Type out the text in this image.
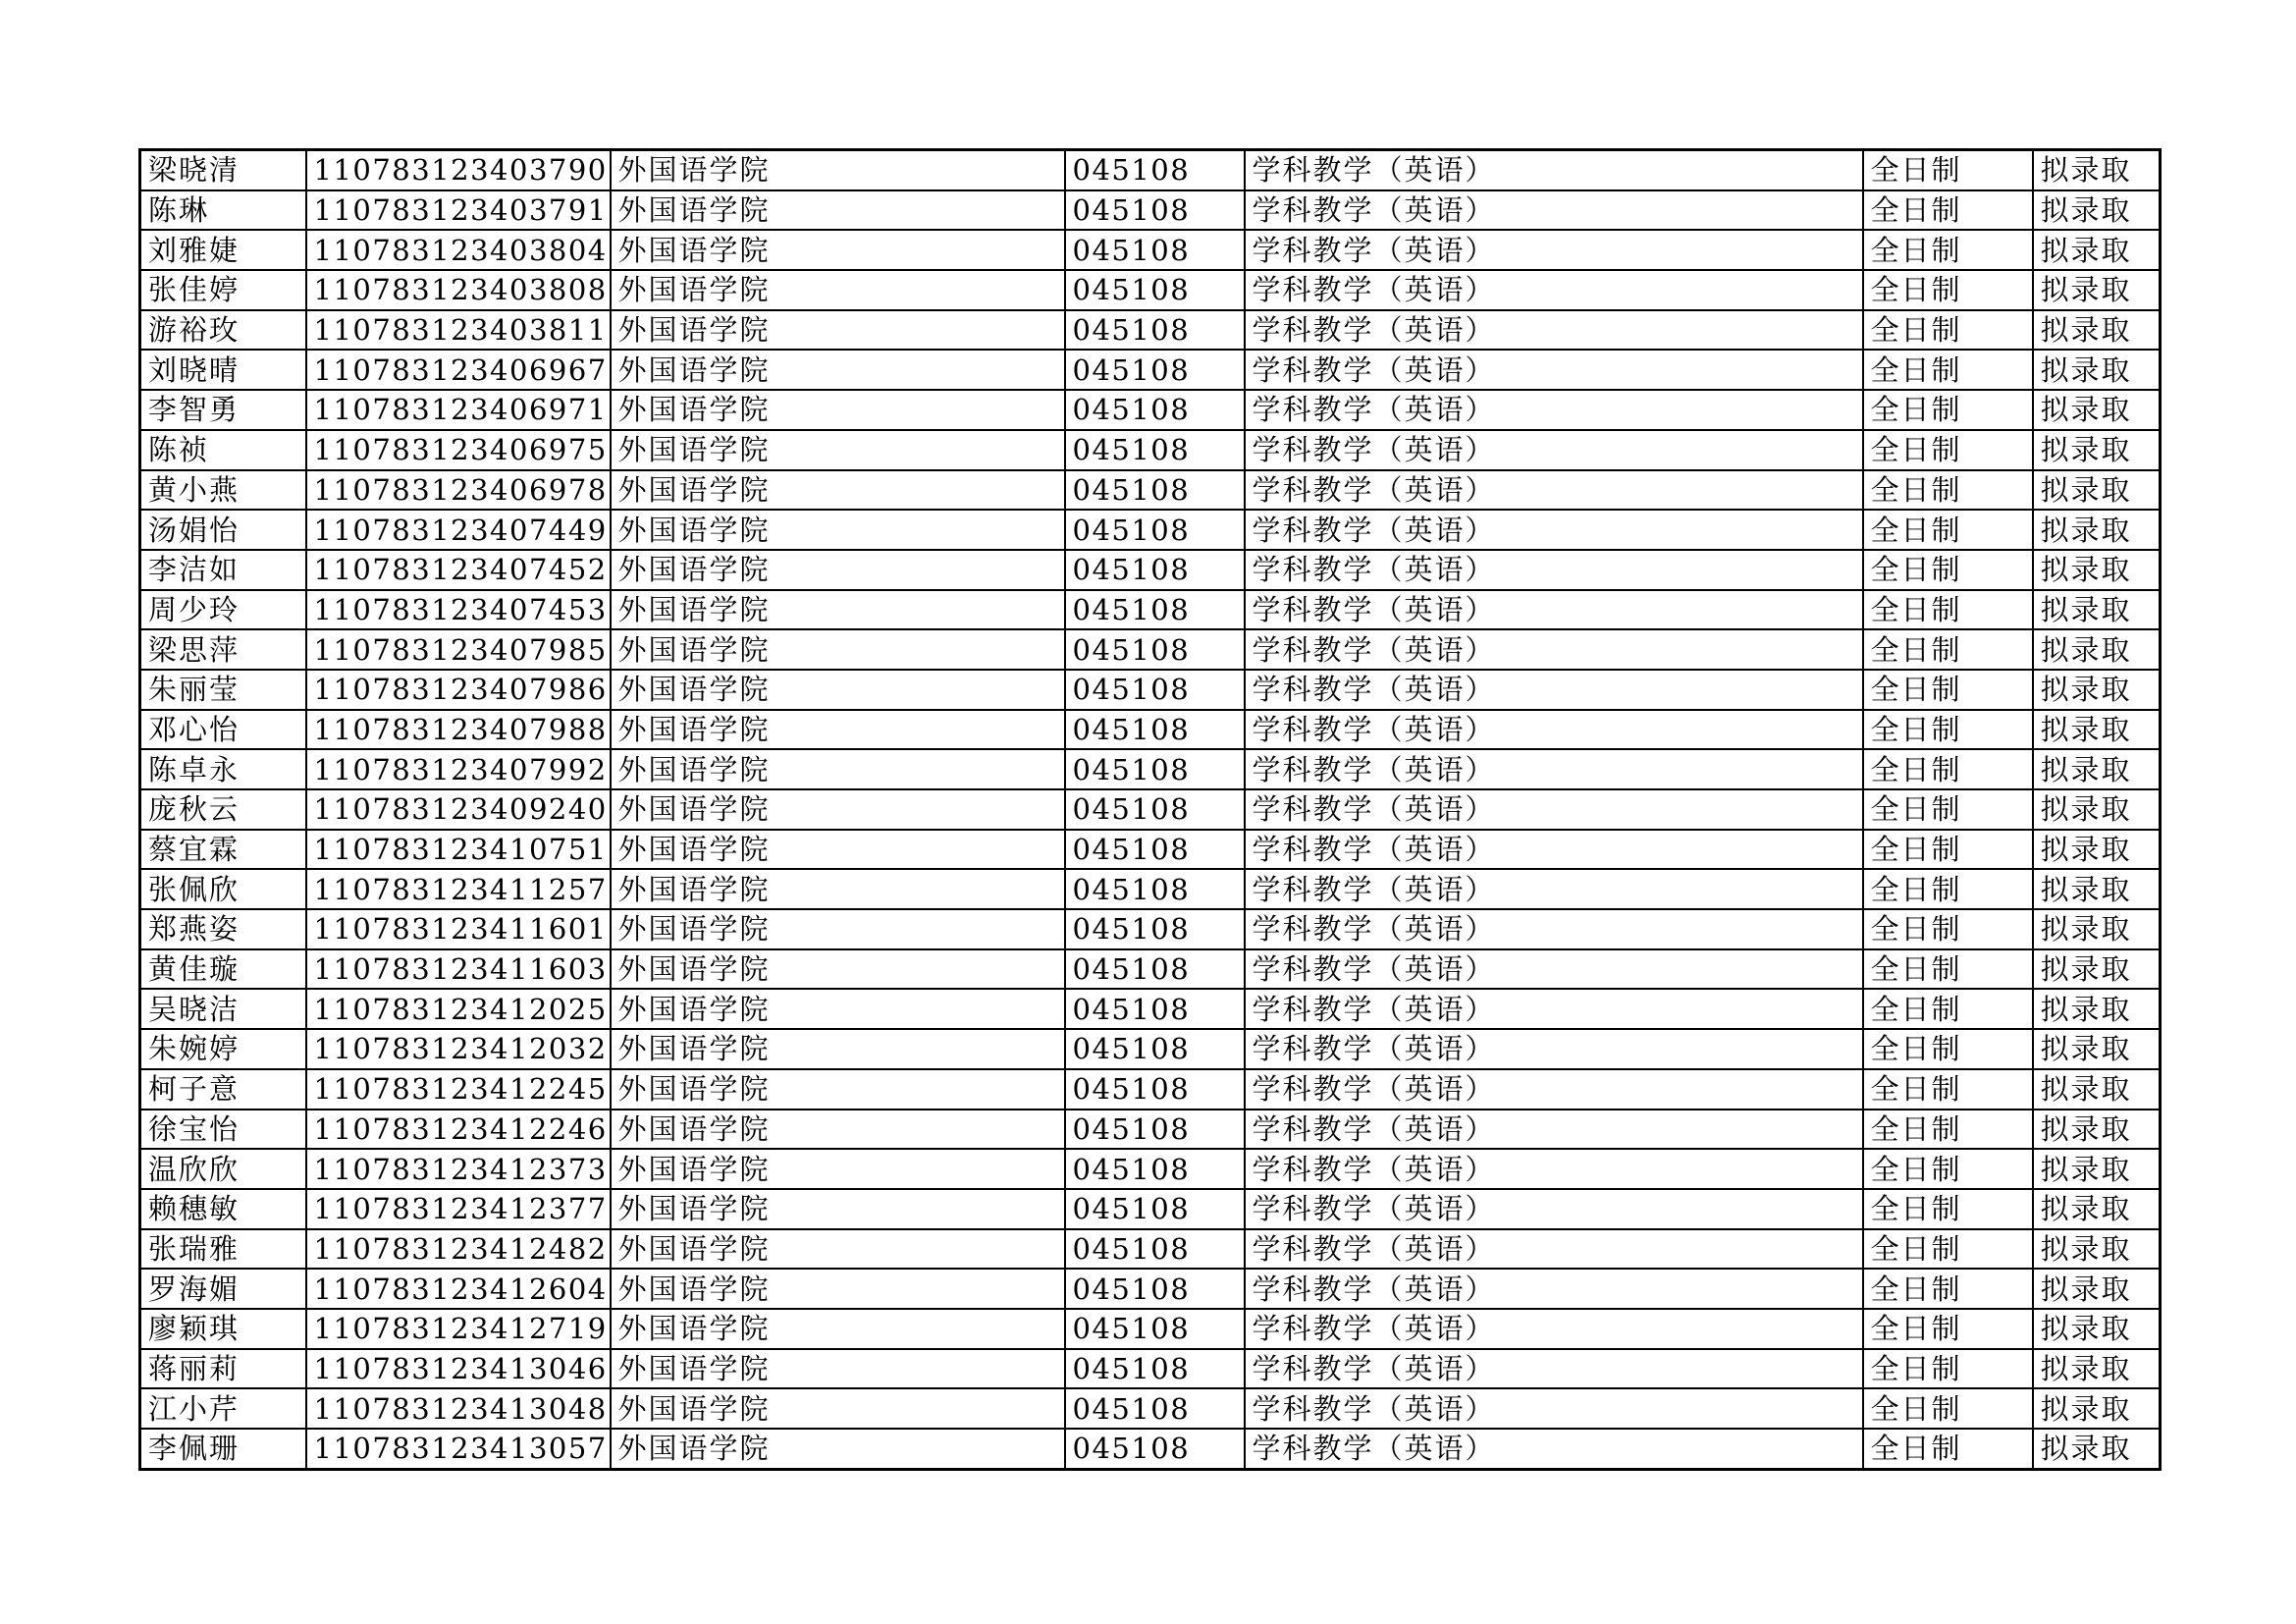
梁晓清	110783123403790	外国语学院	045108	学科教学（英语）	全日制	拟录取
陈琳	110783123403791	外国语学院	045108	学科教学（英语）	全日制	拟录取
刘雅婕	110783123403804	外国语学院	045108	学科教学（英语）	全日制	拟录取
张佳婷	110783123403808	外国语学院	045108	学科教学（英语）	全日制	拟录取
游裕玫	110783123403811	外国语学院	045108	学科教学（英语）	全日制	拟录取
刘晓晴	110783123406967	外国语学院	045108	学科教学（英语）	全日制	拟录取
李智勇	110783123406971	外国语学院	045108	学科教学（英语）	全日制	拟录取
陈祯	110783123406975	外国语学院	045108	学科教学（英语）	全日制	拟录取
黄小燕	110783123406978	外国语学院	045108	学科教学（英语）	全日制	拟录取
汤娟怡	110783123407449	外国语学院	045108	学科教学（英语）	全日制	拟录取
李洁如	110783123407452	外国语学院	045108	学科教学（英语）	全日制	拟录取
周少玲	110783123407453	外国语学院	045108	学科教学（英语）	全日制	拟录取
梁思萍	110783123407985	外国语学院	045108	学科教学（英语）	全日制	拟录取
朱丽莹	110783123407986	外国语学院	045108	学科教学（英语）	全日制	拟录取
邓心怡	110783123407988	外国语学院	045108	学科教学（英语）	全日制	拟录取
陈卓永	110783123407992	外国语学院	045108	学科教学（英语）	全日制	拟录取
庞秋云	110783123409240	外国语学院	045108	学科教学（英语）	全日制	拟录取
蔡宜霖	110783123410751	外国语学院	045108	学科教学（英语）	全日制	拟录取
张佩欣	110783123411257	外国语学院	045108	学科教学（英语）	全日制	拟录取
郑燕姿	110783123411601	外国语学院	045108	学科教学（英语）	全日制	拟录取
黄佳璇	110783123411603	外国语学院	045108	学科教学（英语）	全日制	拟录取
吴晓洁	110783123412025	外国语学院	045108	学科教学（英语）	全日制	拟录取
朱婉婷	110783123412032	外国语学院	045108	学科教学（英语）	全日制	拟录取
柯子意	110783123412245	外国语学院	045108	学科教学（英语）	全日制	拟录取
徐宝怡	110783123412246	外国语学院	045108	学科教学（英语）	全日制	拟录取
温欣欣	110783123412373	外国语学院	045108	学科教学（英语）	全日制	拟录取
赖穗敏	110783123412377	外国语学院	045108	学科教学（英语）	全日制	拟录取
张瑞雅	110783123412482	外国语学院	045108	学科教学（英语）	全日制	拟录取
罗海媚	110783123412604	外国语学院	045108	学科教学（英语）	全日制	拟录取
廖颖琪	110783123412719	外国语学院	045108	学科教学（英语）	全日制	拟录取
蒋丽莉	110783123413046	外国语学院	045108	学科教学（英语）	全日制	拟录取
江小芹	110783123413048	外国语学院	045108	学科教学（英语）	全日制	拟录取
李佩珊	110783123413057	外国语学院	045108	学科教学（英语）	全日制	拟录取
